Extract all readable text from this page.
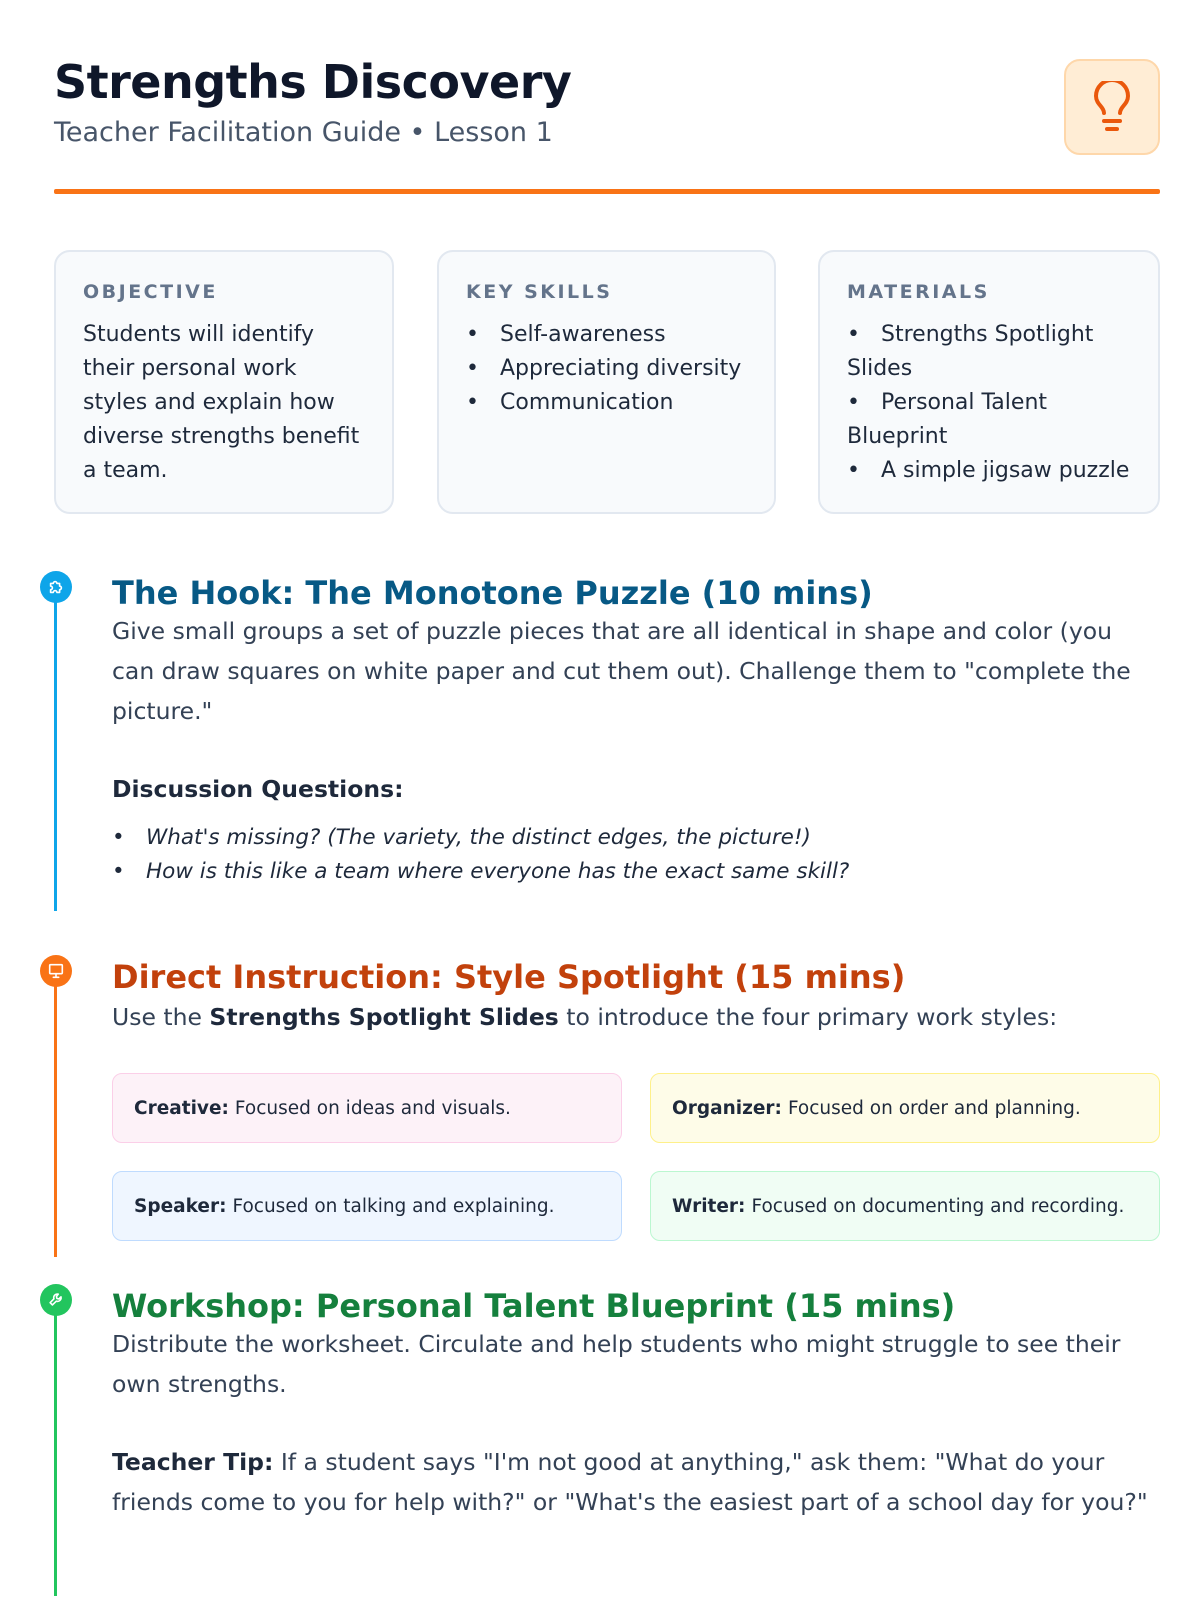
Strengths Discovery
Teacher Facilitation Guide • Lesson 1
OBJECTIVE

Students will identify their personal work styles and explain how diverse strengths benefit a team.

KEY SKILLS
• Self-awareness
• Appreciating diversity
• Communication
MATERIALS
• Strengths Spotlight Slides
• Personal Talent Blueprint
• A simple jigsaw puzzle
The Hook: The Monotone Puzzle (10 mins)

Give small groups a set of puzzle pieces that are all identical in shape and color (you can draw squares on white paper and cut them out). Challenge them to "complete the picture."

Discussion Questions:

• What's missing? (The variety, the distinct edges, the picture!)
• How is this like a team where everyone has the exact same skill?
Direct Instruction: Style Spotlight (15 mins)

Use the Strengths Spotlight Slides to introduce the four primary work styles:

Creative: Focused on ideas and visuals.	Organizer: Focused on order and planning.
Speaker: Focused on talking and explaining.	Writer: Focused on documenting and recording.
Workshop: Personal Talent Blueprint (15 mins)

Distribute the worksheet. Circulate and help students who might struggle to see their own strengths.

Teacher Tip: If a student says "I'm not good at anything," ask them: "What do your friends come to you for help with?" or "What's the easiest part of a school day for you?"
